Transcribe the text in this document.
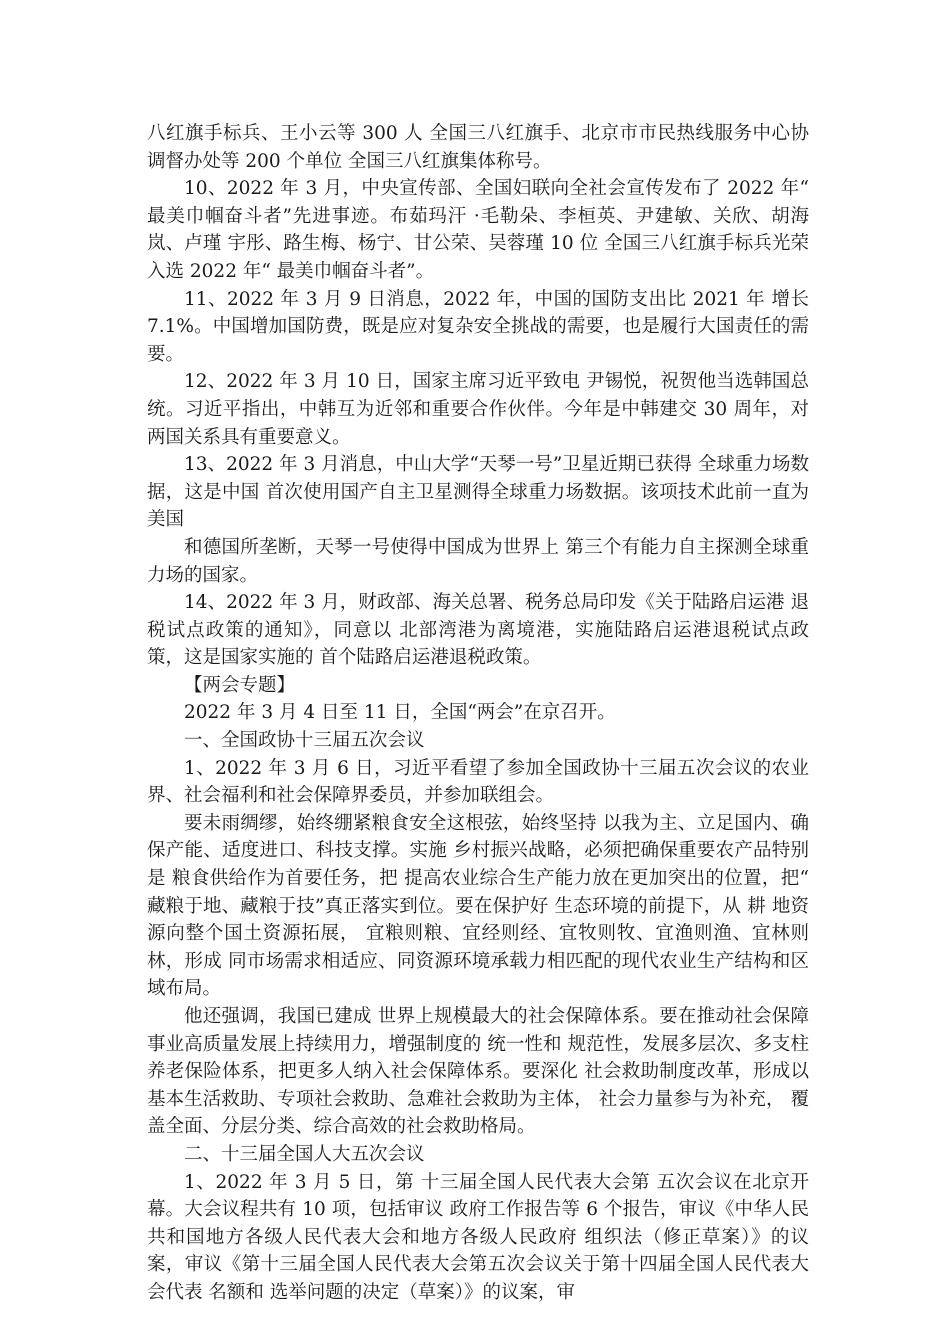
八红旗手标兵、王小云等 300 人 全国三八红旗手、北京市市民热线服务中心协调督办处等 200 个单位 全国三八红旗集体称号。

10、2022 年 3 月，中央宣传部、全国妇联向全社会宣传发布了 2022 年“ 最美巾帼奋斗者”先进事迹。布茹玛汗 ·毛勒朵、李桓英、尹建敏、关欣、胡海岚、卢瑾 宇彤、路生梅、杨宁、甘公荣、吴蓉瑾 10 位 全国三八红旗手标兵光荣入选 2022 年“ 最美巾帼奋斗者”。

11、2022 年 3 月 9 日消息，2022 年，中国的国防支出比 2021 年 增长 7.1%。中国增加国防费，既是应对复杂安全挑战的需要，也是履行大国责任的需要。

12、2022 年 3 月 10 日，国家主席习近平致电 尹锡悦，祝贺他当选韩国总统。习近平指出，中韩互为近邻和重要合作伙伴。今年是中韩建交 30 周年，对两国关系具有重要意义。

13、2022 年 3 月消息，中山大学“天琴一号”卫星近期已获得 全球重力场数据，这是中国 首次使用国产自主卫星测得全球重力场数据。该项技术此前一直为美国

和德国所垄断，天琴一号使得中国成为世界上 第三个有能力自主探测全球重力场的国家。

14、2022 年 3 月，财政部、海关总署、税务总局印发《关于陆路启运港 退税试点政策的通知》，同意以 北部湾港为离境港，实施陆路启运港退税试点政策，这是国家实施的 首个陆路启运港退税政策。

【两会专题】

2022 年 3 月 4 日至 11 日，全国“两会”在京召开。

一、全国政协十三届五次会议

1、2022 年 3 月 6 日，习近平看望了参加全国政协十三届五次会议的农业界、社会福利和社会保障界委员，并参加联组会。

要未雨绸缪，始终绷紧粮食安全这根弦，始终坚持 以我为主、立足国内、确保产能、适度进口、科技支撑。实施 乡村振兴战略，必须把确保重要农产品特别是 粮食供给作为首要任务，把 提高农业综合生产能力放在更加突出的位置，把“ 藏粮于地、藏粮于技”真正落实到位。要在保护好 生态环境的前提下，从 耕 地资源向整个国土资源拓展， 宜粮则粮、宜经则经、宜牧则牧、宜渔则渔、宜林则林，形成 同市场需求相适应、同资源环境承载力相匹配的现代农业生产结构和区域布局。

他还强调，我国已建成 世界上规模最大的社会保障体系。要在推动社会保障事业高质量发展上持续用力，增强制度的 统一性和 规范性，发展多层次、多支柱养老保险体系，把更多人纳入社会保障体系。要深化 社会救助制度改革，形成以 基本生活救助、专项社会救助、急难社会救助为主体， 社会力量参与为补充， 覆盖全面、分层分类、综合高效的社会救助格局。

二、十三届全国人大五次会议

1、2022 年 3 月 5 日，第 十三届全国人民代表大会第 五次会议在北京开幕。大会议程共有 10 项，包括审议 政府工作报告等 6 个报告，审议《中华人民共和国地方各级人民代表大会和地方各级人民政府 组织法（修正草案）》的议案，审议《第十三届全国人民代表大会第五次会议关于第十四届全国人民代表大会代表 名额和 选举问题的决定（草案）》的议案，审
